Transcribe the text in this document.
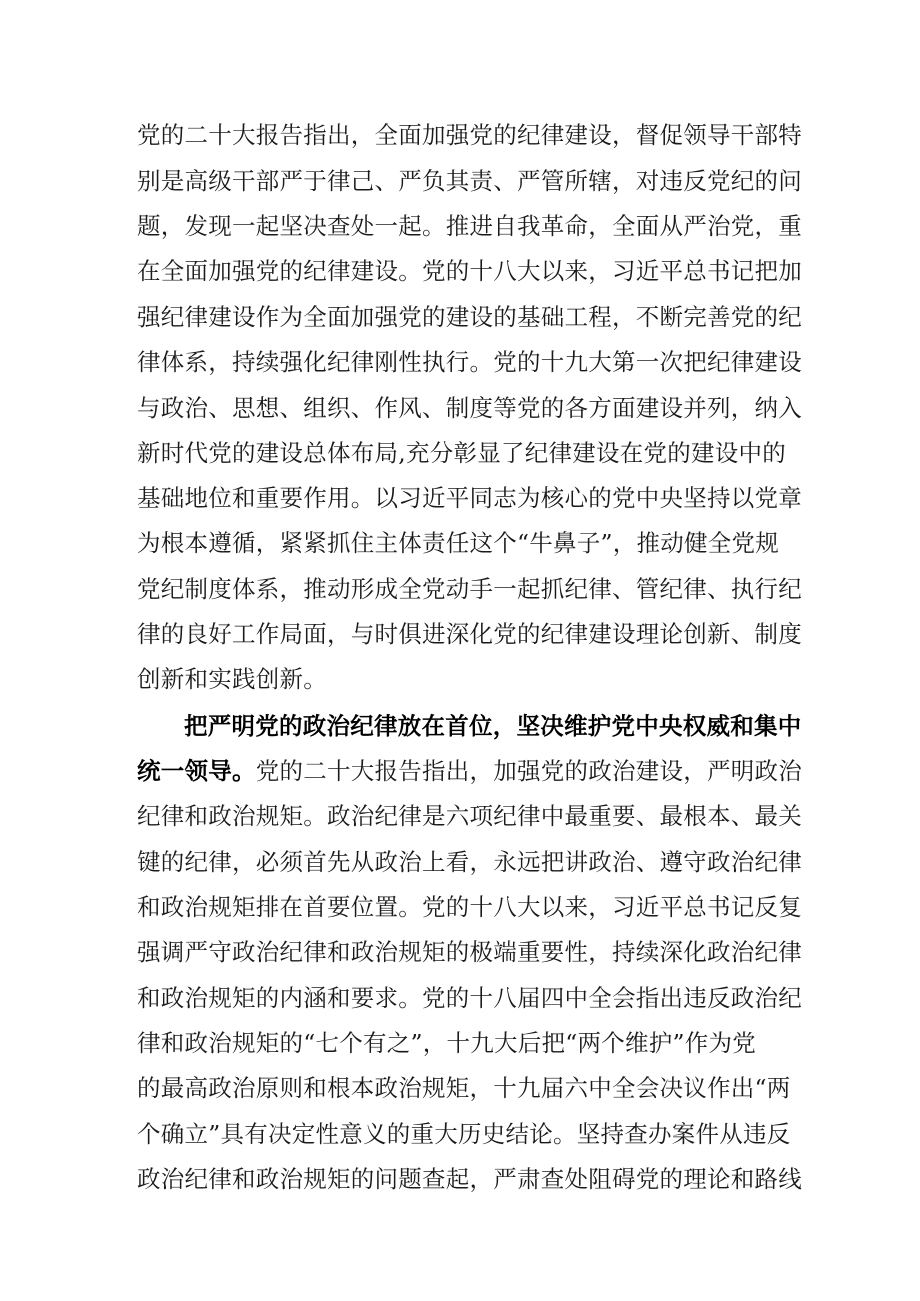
党的二十大报告指出，全面加强党的纪律建设，督促领导干部特
别是高级干部严于律己、严负其责、严管所辖，对违反党纪的问
题，发现一起坚决查处一起。推进自我革命，全面从严治党，重
在全面加强党的纪律建设。党的十八大以来，习近平总书记把加
强纪律建设作为全面加强党的建设的基础工程，不断完善党的纪
律体系，持续强化纪律刚性执行。党的十九大第一次把纪律建设
与政治、思想、组织、作风、制度等党的各方面建设并列，纳入
新时代党的建设总体布局,充分彰显了纪律建设在党的建设中的
基础地位和重要作用。以习近平同志为核心的党中央坚持以党章
为根本遵循，紧紧抓住主体责任这个“牛鼻子”，推动健全党规
党纪制度体系，推动形成全党动手一起抓纪律、管纪律、执行纪
律的良好工作局面，与时俱进深化党的纪律建设理论创新、制度
创新和实践创新。
把严明党的政治纪律放在首位，坚决维护党中央权威和集中
统一领导。党的二十大报告指出，加强党的政治建设，严明政治
纪律和政治规矩。政治纪律是六项纪律中最重要、最根本、最关
键的纪律，必须首先从政治上看，永远把讲政治、遵守政治纪律
和政治规矩排在首要位置。党的十八大以来，习近平总书记反复
强调严守政治纪律和政治规矩的极端重要性，持续深化政治纪律
和政治规矩的内涵和要求。党的十八届四中全会指出违反政治纪
律和政治规矩的“七个有之”，十九大后把“两个维护”作为党
的最高政治原则和根本政治规矩，十九届六中全会决议作出“两
个确立”具有决定性意义的重大历史结论。坚持查办案件从违反
政治纪律和政治规矩的问题查起，严肃查处阻碍党的理论和路线
